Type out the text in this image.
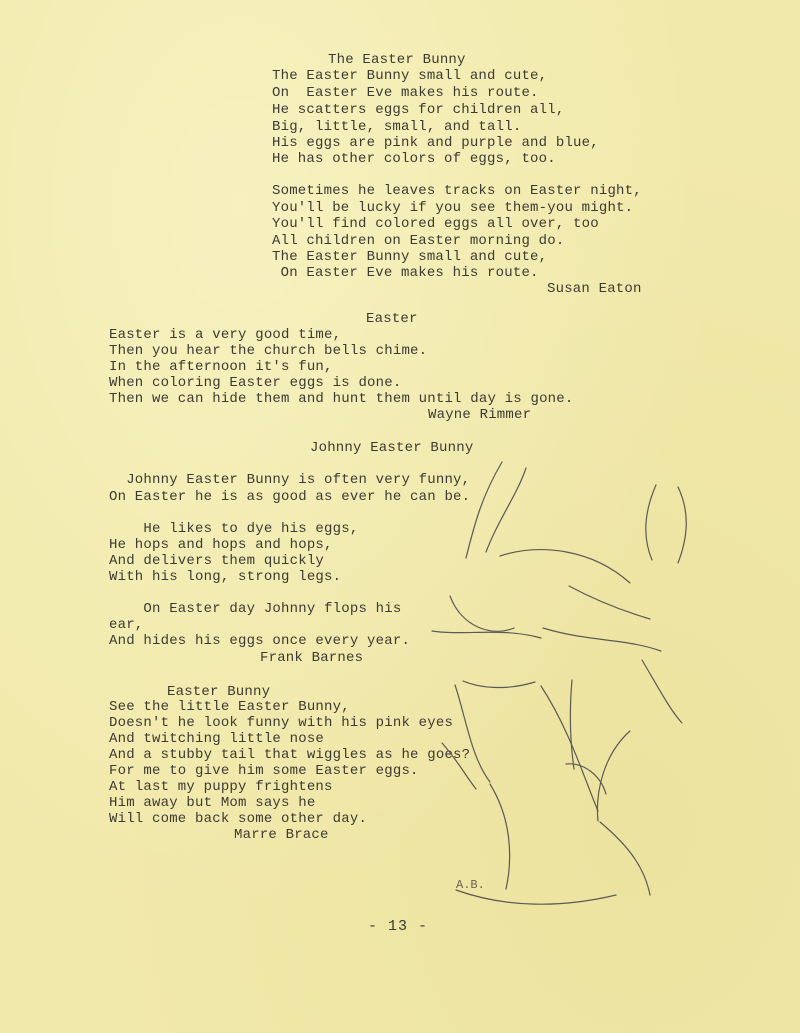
The Easter Bunny
The Easter Bunny small and cute,
On  Easter Eve makes his route.
He scatters eggs for children all,
Big, little, small, and tall.
His eggs are pink and purple and blue,
He has other colors of eggs, too.
Sometimes he leaves tracks on Easter night,
You'll be lucky if you see them-you might.
You'll find colored eggs all over, too
All children on Easter morning do.
The Easter Bunny small and cute,
On Easter Eve makes his route.
Susan Eaton
Easter
Easter is a very good time,
Then you hear the church bells chime.
In the afternoon it's fun,
When coloring Easter eggs is done.
Then we can hide them and hunt them until day is gone.
Wayne Rimmer
Johnny Easter Bunny
Johnny Easter Bunny is often very funny,
On Easter he is as good as ever he can be.
He likes to dye his eggs,
He hops and hops and hops,
And delivers them quickly
With his long, strong legs.
On Easter day Johnny flops his
ear,
And hides his eggs once every year.
Frank Barnes
Easter Bunny
See the little Easter Bunny,
Doesn't he look funny with his pink eyes
And twitching little nose
And a stubby tail that wiggles as he goes?
For me to give him some Easter eggs.
At last my puppy frightens
Him away but Mom says he
Will come back some other day.
Marre Brace
A.B.
- 13 -
